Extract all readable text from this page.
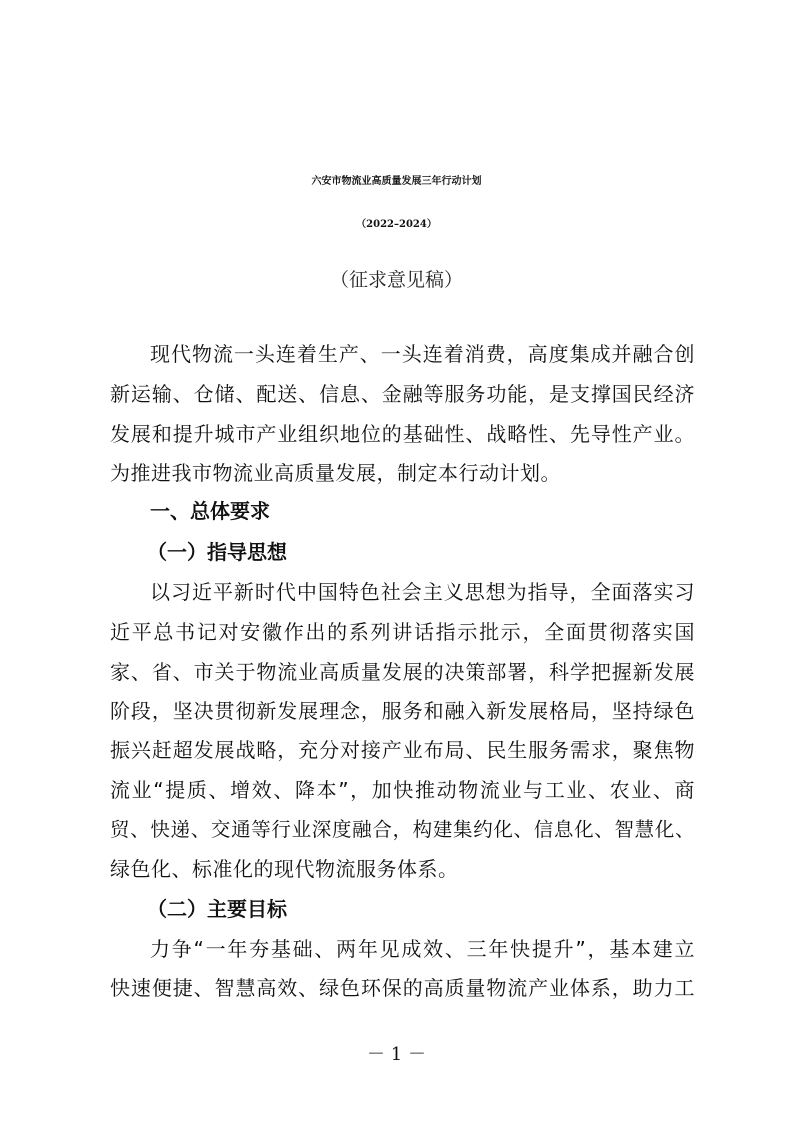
六安市物流业高质量发展三年行动计划
（2022–2024）
（征求意见稿）
现代物流一头连着生产、一头连着消费，高度集成并融合创
新运输、仓储、配送、信息、金融等服务功能，是支撑国民经济
发展和提升城市产业组织地位的基础性、战略性、先导性产业。
为推进我市物流业高质量发展，制定本行动计划。
一、总体要求
（一）指导思想
以习近平新时代中国特色社会主义思想为指导，全面落实习
近平总书记对安徽作出的系列讲话指示批示，全面贯彻落实国
家、省、市关于物流业高质量发展的决策部署，科学把握新发展
阶段，坚决贯彻新发展理念，服务和融入新发展格局，坚持绿色
振兴赶超发展战略，充分对接产业布局、民生服务需求，聚焦物
流业“提质、增效、降本”，加快推动物流业与工业、农业、商
贸、快递、交通等行业深度融合，构建集约化、信息化、智慧化、
绿色化、标准化的现代物流服务体系。
（二）主要目标
力争“一年夯基础、两年见成效、三年快提升”，基本建立
快速便捷、智慧高效、绿色环保的高质量物流产业体系，助力工
－ 1 －
